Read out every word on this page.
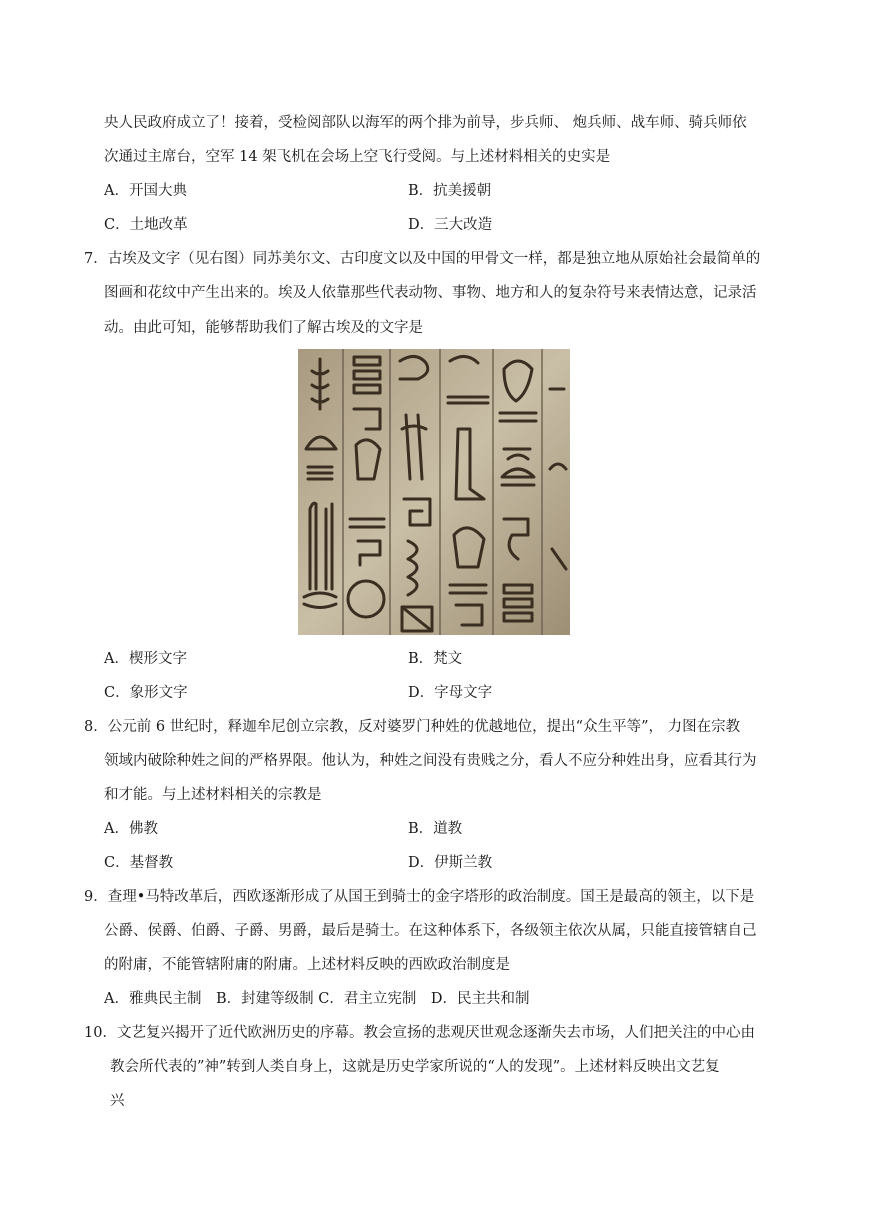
央人民政府成立了！接着，受检阅部队以海军的两个排为前导，步兵师、 炮兵师、战车师、骑兵师依
次通过主席台，空军 14 架飞机在会场上空飞行受阅。与上述材料相关的史实是
A．开国大典	B．抗美援朝
C．土地改革	D．三大改造
7．古埃及文字（见右图）同苏美尔文、古印度文以及中国的甲骨文一样，都是独立地从原始社会最简单的
图画和花纹中产生出来的。埃及人依靠那些代表动物、事物、地方和人的复杂符号来表情达意，记录活
动。由此可知，能够帮助我们了解古埃及的文字是
A．楔形文字	B．梵文
C．象形文字	D．字母文字
8．公元前 6 世纪时，释迦牟尼创立宗教，反对婆罗门种姓的优越地位，提出“众生平等”， 力图在宗教
领域内破除种姓之间的严格界限。他认为，种姓之间没有贵贱之分，看人不应分种姓出身，应看其行为
和才能。与上述材料相关的宗教是
A．佛教	B．道教
C．基督教	D．伊斯兰教
9．查理•马特改革后，西欧逐渐形成了从国王到骑士的金字塔形的政治制度。国王是最高的领主，以下是
公爵、侯爵、伯爵、子爵、男爵，最后是骑士。在这种体系下，各级领主依次从属，只能直接管辖自己
的附庸，不能管辖附庸的附庸。上述材料反映的西欧政治制度是
A．雅典民主制　B．封建等级制 C．君主立宪制　D．民主共和制
10．文艺复兴揭开了近代欧洲历史的序幕。教会宣扬的悲观厌世观念逐渐失去市场，人们把关注的中心由
教会所代表的”神”转到人类自身上，这就是历史学家所说的“人的发现”。上述材料反映出文艺复
兴
